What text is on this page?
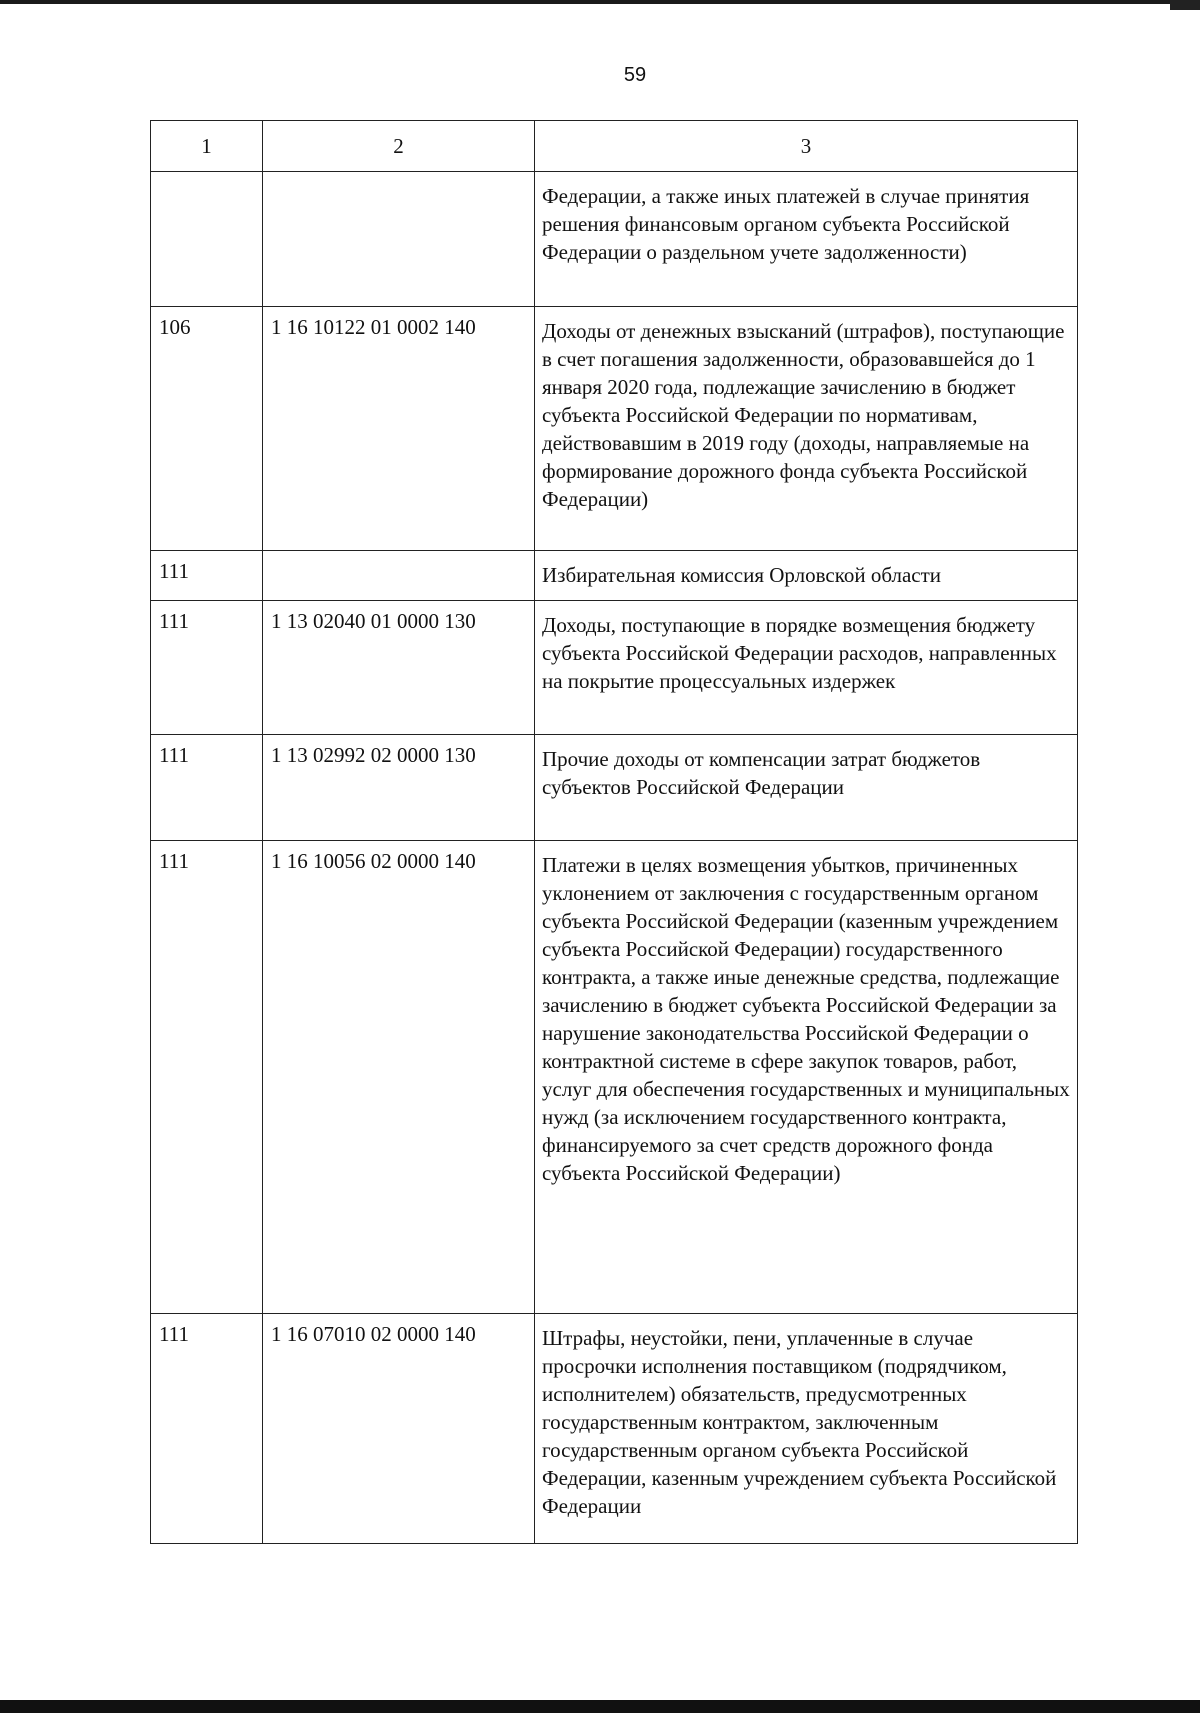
59
1	2	3

		Федерации, а также иных платежей в случае принятия решения финансовым органом субъекта Российской Федерации о раздельном учете задолженности)

106	1 16 10122 01 0002 140	Доходы от денежных взысканий (штрафов), поступающие в счет погашения задолженности, образовавшейся до 1 января 2020 года, подлежащие зачислению в бюджет субъекта Российской Федерации по нормативам, действовавшим в 2019 году (доходы, направляемые на формирование дорожного фонда субъекта Российской Федерации)

111		Избирательная комиссия Орловской области

111	1 13 02040 01 0000 130	Доходы, поступающие в порядке возмещения бюджету субъекта Российской Федерации расходов, направленных на покрытие процессуальных издержек

111	1 13 02992 02 0000 130	Прочие доходы от компенсации затрат бюджетов субъектов Российской Федерации

111	1 16 10056 02 0000 140	Платежи в целях возмещения убытков, причиненных уклонением от заключения с государственным органом субъекта Российской Федерации (казенным учреждением субъекта Российской Федерации) государственного контракта, а также иные денежные средства, подлежащие зачислению в бюджет субъекта Российской Федерации за нарушение законодательства Российской Федерации о контрактной системе в сфере закупок товаров, работ, услуг для обеспечения государственных и муниципальных нужд (за исключением государственного контракта, финансируемого за счет средств дорожного фонда субъекта Российской Федерации)

111	1 16 07010 02 0000 140	Штрафы, неустойки, пени, уплаченные в случае просрочки исполнения поставщиком (подрядчиком, исполнителем) обязательств, предусмотренных государственным контрактом, заключенным государственным органом субъекта Российской Федерации, казенным учреждением субъекта Российской Федерации
